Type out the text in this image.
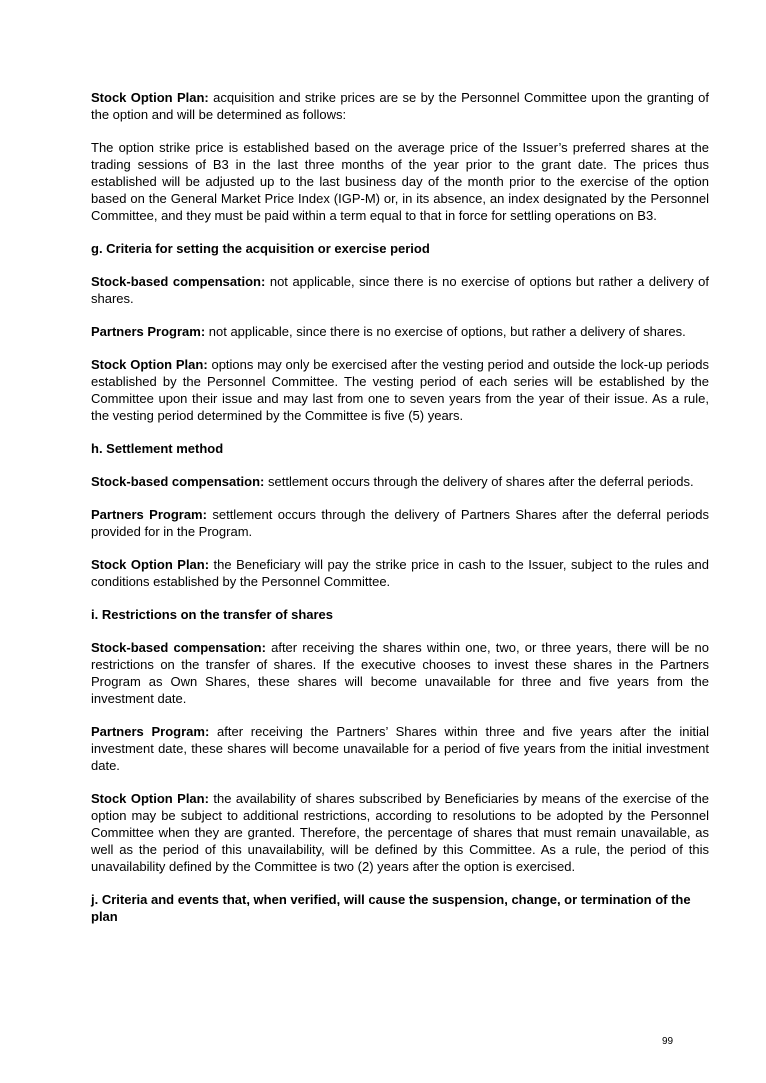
Stock Option Plan: acquisition and strike prices are se by the Personnel Committee upon the granting of the option and will be determined as follows:

The option strike price is established based on the average price of the Issuer’s preferred shares at the trading sessions of B3 in the last three months of the year prior to the grant date. The prices thus established will be adjusted up to the last business day of the month prior to the exercise of the option based on the General Market Price Index (IGP-M) or, in its absence, an index designated by the Personnel Committee, and they must be paid within a term equal to that in force for settling operations on B3.

g. Criteria for setting the acquisition or exercise period

Stock-based compensation: not applicable, since there is no exercise of options but rather a delivery of shares.

Partners Program: not applicable, since there is no exercise of options, but rather a delivery of shares.

Stock Option Plan: options may only be exercised after the vesting period and outside the lock-up periods established by the Personnel Committee. The vesting period of each series will be established by the Committee upon their issue and may last from one to seven years from the year of their issue. As a rule, the vesting period determined by the Committee is five (5) years.

h. Settlement method

Stock-based compensation: settlement occurs through the delivery of shares after the deferral periods.

Partners Program: settlement occurs through the delivery of Partners Shares after the deferral periods provided for in the Program.

Stock Option Plan: the Beneficiary will pay the strike price in cash to the Issuer, subject to the rules and conditions established by the Personnel Committee.

i. Restrictions on the transfer of shares

Stock-based compensation: after receiving the shares within one, two, or three years, there will be no restrictions on the transfer of shares. If the executive chooses to invest these shares in the Partners Program as Own Shares, these shares will become unavailable for three and five years from the investment date.

Partners Program: after receiving the Partners’ Shares within three and five years after the initial investment date, these shares will become unavailable for a period of five years from the initial investment date.

Stock Option Plan: the availability of shares subscribed by Beneficiaries by means of the exercise of the option may be subject to additional restrictions, according to resolutions to be adopted by the Personnel Committee when they are granted. Therefore, the percentage of shares that must remain unavailable, as well as the period of this unavailability, will be defined by this Committee. As a rule, the period of this unavailability defined by the Committee is two (2) years after the option is exercised.

j. Criteria and events that, when verified, will cause the suspension, change, or termination of the plan
99
